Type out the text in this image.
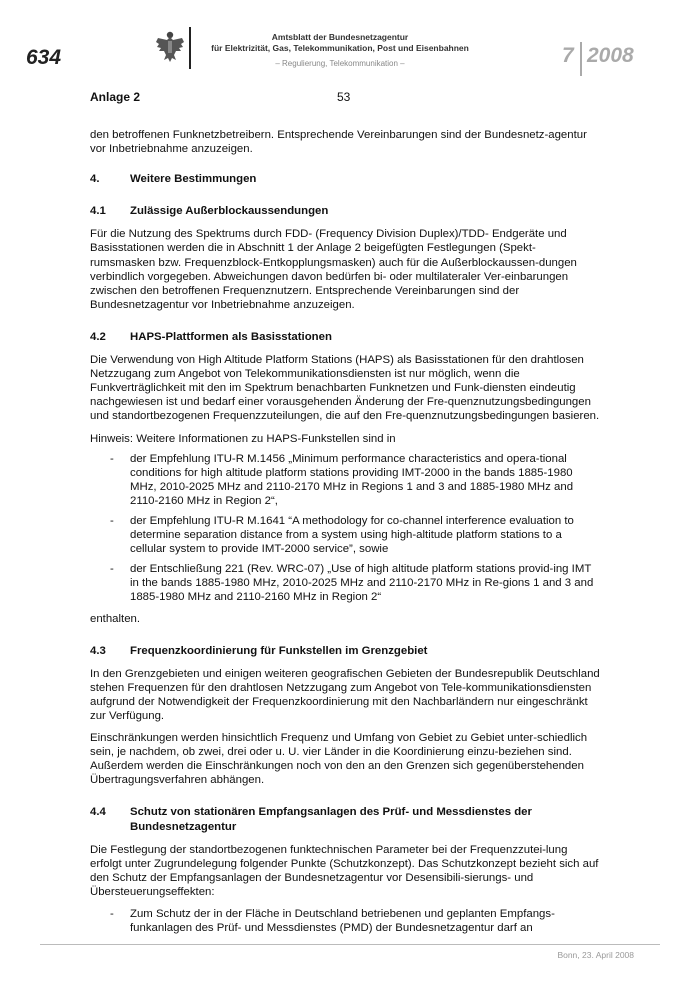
634
Amtsblatt der Bundesnetzagentur
für Elektrizität, Gas, Telekommunikation, Post und Eisenbahnen
– Regulierung, Telekommunikation –	7 2008
Anlage 2	53

den betroffenen Funknetzbetreibern. Entsprechende Vereinbarungen sind der Bundesnetz-agentur vor Inbetriebnahme anzuzeigen.

4.	Weitere Bestimmungen
4.1	Zulässige Außerblockaussendungen

Für die Nutzung des Spektrums durch FDD- (Frequency Division Duplex)/TDD- Endgeräte und Basisstationen werden die in Abschnitt 1 der Anlage 2 beigefügten Festlegungen (Spekt-rumsmasken bzw. Frequenzblock-Entkopplungsmasken) auch für die Außerblockaussen-dungen verbindlich vorgegeben. Abweichungen davon bedürfen bi- oder multilateraler Ver-einbarungen zwischen den betroffenen Frequenznutzern. Entsprechende Vereinbarungen sind der Bundesnetzagentur vor Inbetriebnahme anzuzeigen.

4.2	HAPS-Plattformen als Basisstationen

Die Verwendung von High Altitude Platform Stations (HAPS) als Basisstationen für den drahtlosen Netzzugang zum Angebot von Telekommunikationsdiensten ist nur möglich, wenn die Funkverträglichkeit mit den im Spektrum benachbarten Funknetzen und Funk-diensten eindeutig nachgewiesen ist und bedarf einer vorausgehenden Änderung der Fre-quenznutzungsbedingungen und standortbezogenen Frequenzzuteilungen, die auf den Fre-quenznutzungsbedingungen basieren.

Hinweis: Weitere Informationen zu HAPS-Funkstellen sind in

- der Empfehlung ITU-R M.1456 „Minimum performance characteristics and opera-tional conditions for high altitude platform stations providing IMT-2000 in the bands 1885-1980 MHz, 2010-2025 MHz and 2110-2170 MHz in Regions 1 and 3 and 1885-1980 MHz and 2110-2160 MHz in Region 2“,
- der Empfehlung ITU-R M.1641 “A methodology for co-channel interference evaluation to determine separation distance from a system using high-altitude platform stations to a cellular system to provide IMT-2000 service”, sowie
- der Entschließung 221 (Rev. WRC-07) „Use of high altitude platform stations provid-ing IMT in the bands 1885-1980 MHz, 2010-2025 MHz and 2110-2170 MHz in Re-gions 1 and 3 and 1885-1980 MHz and 2110-2160 MHz in Region 2“

enthalten.

4.3	Frequenzkoordinierung für Funkstellen im Grenzgebiet

In den Grenzgebieten und einigen weiteren geografischen Gebieten der Bundesrepublik Deutschland stehen Frequenzen für den drahtlosen Netzzugang zum Angebot von Tele-kommunikationsdiensten aufgrund der Notwendigkeit der Frequenzkoordinierung mit den Nachbarländern nur eingeschränkt zur Verfügung.

Einschränkungen werden hinsichtlich Frequenz und Umfang von Gebiet zu Gebiet unter-schiedlich sein, je nachdem, ob zwei, drei oder u. U. vier Länder in die Koordinierung einzu-beziehen sind. Außerdem werden die Einschränkungen noch von den an den Grenzen sich gegenüberstehenden Übertragungsverfahren abhängen.

4.4	Schutz von stationären Empfangsanlagen des Prüf- und Messdienstes der Bundesnetzagentur

Die Festlegung der standortbezogenen funktechnischen Parameter bei der Frequenzzutei-lung erfolgt unter Zugrundelegung folgender Punkte (Schutzkonzept). Das Schutzkonzept bezieht sich auf den Schutz der Empfangsanlagen der Bundesnetzagentur vor Desensibili-sierungs- und Übersteuerungseffekten:

- Zum Schutz der in der Fläche in Deutschland betriebenen und geplanten Empfangs-funkanlagen des Prüf- und Messdienstes (PMD) der Bundesnetzagentur darf an
Bonn, 23. April 2008
